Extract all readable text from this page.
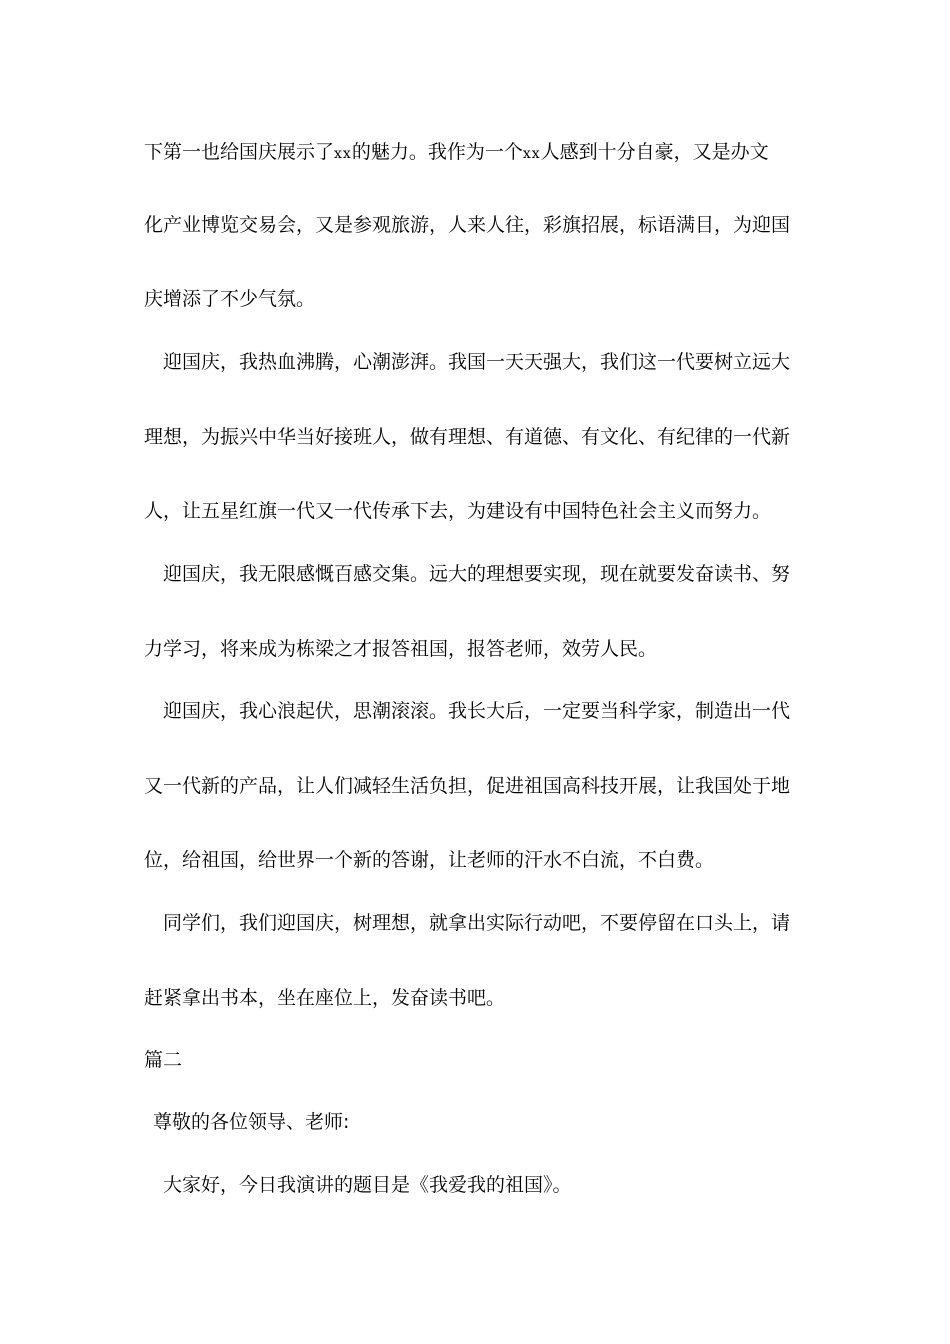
下第一也给国庆展示了xx的魅力。我作为一个xx人感到十分自豪，又是办文
化产业博览交易会，又是参观旅游，人来人往，彩旗招展，标语满目，为迎国
庆增添了不少气氛。
迎国庆，我热血沸腾，心潮澎湃。我国一天天强大，我们这一代要树立远大
理想，为振兴中华当好接班人，做有理想、有道德、有文化、有纪律的一代新
人，让五星红旗一代又一代传承下去，为建设有中国特色社会主义而努力。
迎国庆，我无限感慨百感交集。远大的理想要实现，现在就要发奋读书、努
力学习，将来成为栋梁之才报答祖国，报答老师，效劳人民。
迎国庆，我心浪起伏，思潮滚滚。我长大后，一定要当科学家，制造出一代
又一代新的产品，让人们减轻生活负担，促进祖国高科技开展，让我国处于地
位，给祖国，给世界一个新的答谢，让老师的汗水不白流，不白费。
同学们，我们迎国庆，树理想，就拿出实际行动吧，不要停留在口头上，请
赶紧拿出书本，坐在座位上，发奋读书吧。
篇二
尊敬的各位领导、老师:
大家好，今日我演讲的题目是《我爱我的祖国》。
